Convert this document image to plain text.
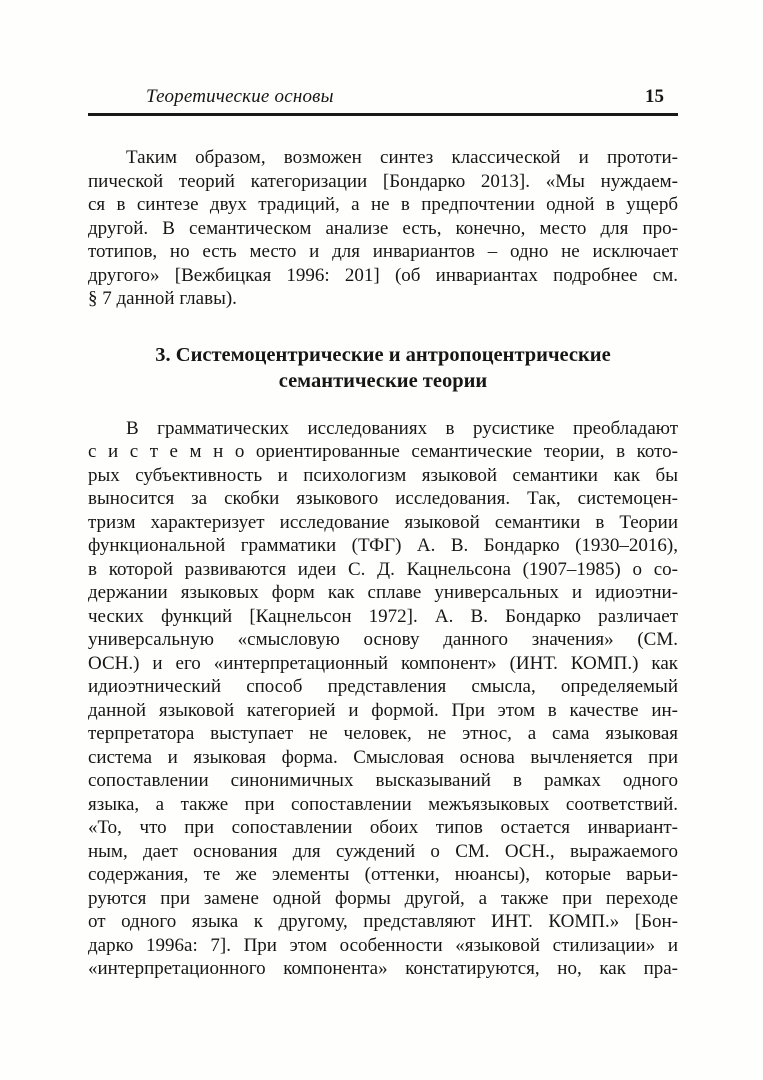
Теоретические основы	15
Таким образом, возможен синтез классической и прототи-
пической теорий категоризации [Бондарко 2013]. «Мы нуждаем-
ся в синтезе двух традиций, а не в предпочтении одной в ущерб
другой. В семантическом анализе есть, конечно, место для про-
тотипов, но есть место и для инвариантов – одно не исключает
другого» [Вежбицкая 1996: 201] (об инвариантах подробнее см.
§ 7 данной главы).
3. Системоцентрические и антропоцентрические
семантические теории
В грамматических исследованиях в русистике преобладают
с и с т е м н о ориентированные семантические теории, в кото-
рых субъективность и психологизм языковой семантики как бы
выносится за скобки языкового исследования. Так, системоцен-
тризм характеризует исследование языковой семантики в Теории
функциональной грамматики (ТФГ) А. В. Бондарко (1930–2016),
в которой развиваются идеи С. Д. Кацнельсона (1907–1985) о со-
держании языковых форм как сплаве универсальных и идиоэтни-
ческих функций [Кацнельсон 1972]. А. В. Бондарко различает
универсальную «смысловую основу данного значения» (СМ.
ОСН.) и его «интерпретационный компонент» (ИНТ. КОМП.) как
идиоэтнический способ представления смысла, определяемый
данной языковой категорией и формой. При этом в качестве ин-
терпретатора выступает не человек, не этнос, а сама языковая
система и языковая форма. Смысловая основа вычленяется при
сопоставлении синонимичных высказываний в рамках одного
языка, а также при сопоставлении межъязыковых соответствий.
«То, что при сопоставлении обоих типов остается инвариант-
ным, дает основания для суждений о СМ. ОСН., выражаемого
содержания, те же элементы (оттенки, нюансы), которые варьи-
руются при замене одной формы другой, а также при переходе
от одного языка к другому, представляют ИНТ. КОМП.» [Бон-
дарко 1996а: 7]. При этом особенности «языковой стилизации» и
«интерпретационного компонента» констатируются, но, как пра-
